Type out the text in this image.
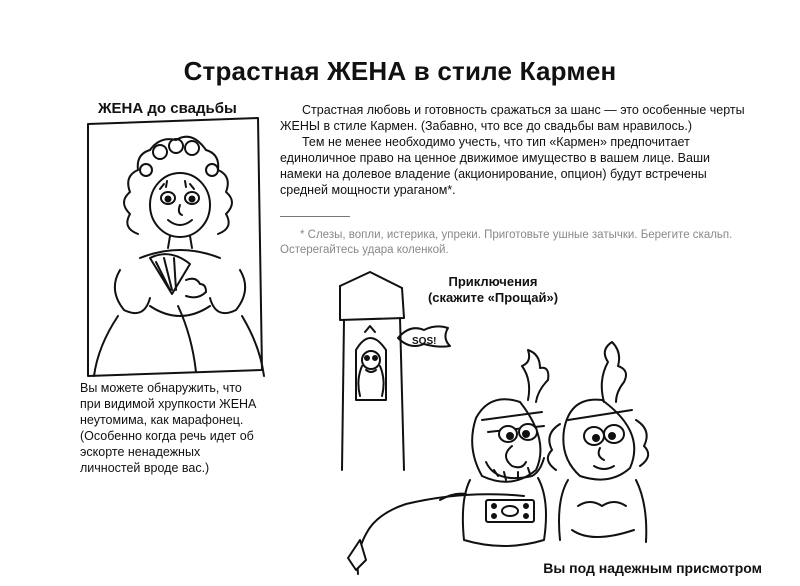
Страстная ЖЕНА в стиле Кармен
ЖЕНА до свадьбы	Страстная любовь и готовность сражаться за шанс — это особенные черты ЖЕНЫ в стиле Кармен. (Забавно, что все до свадьбы вам нравилось.)

Тем не менее необходимо учесть, что тип «Кармен» предпочитает единоличное право на ценное движимое имущество в вашем лице. Ваши намеки на долевое владение (акционирование, опцион) будут встречены средней мощности ураганом*.

* Слезы, вопли, истерика, упреки. Приготовьте ушные затычки. Берегите скальп. Остерегайтесь удара коленкой.

Вы можете обнаружить, что при видимой хрупкости ЖЕНА неутомима, как марафонец.

(Особенно когда речь идет об эскорте ненадежных личностей вроде вас.)

Приключения
(скажите «Прощай»)
SOS!
Вы под надежным присмотром
